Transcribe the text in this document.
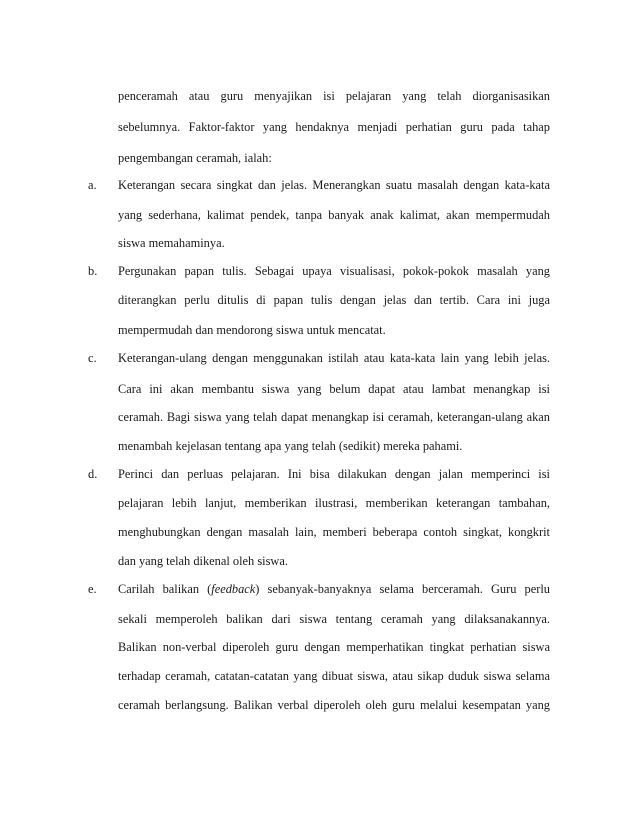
penceramah atau guru menyajikan isi pelajaran yang telah diorganisasikan
sebelumnya. Faktor-faktor yang hendaknya menjadi perhatian guru pada tahap
pengembangan ceramah, ialah:
a. Keterangan secara singkat dan jelas. Menerangkan suatu masalah dengan kata-kata
yang sederhana, kalimat pendek, tanpa banyak anak kalimat, akan mempermudah
siswa memahaminya.
b. Pergunakan papan tulis. Sebagai upaya visualisasi, pokok-pokok masalah yang
diterangkan perlu ditulis di papan tulis dengan jelas dan tertib. Cara ini juga
mempermudah dan mendorong siswa untuk mencatat.
c. Keterangan-ulang dengan menggunakan istilah atau kata-kata lain yang lebih jelas.
Cara ini akan membantu siswa yang belum dapat atau lambat menangkap isi
ceramah. Bagi siswa yang telah dapat menangkap isi ceramah, keterangan-ulang akan
menambah kejelasan tentang apa yang telah (sedikit) mereka pahami.
d. Perinci dan perluas pelajaran. Ini bisa dilakukan dengan jalan memperinci isi
pelajaran lebih lanjut, memberikan ilustrasi, memberikan keterangan tambahan,
menghubungkan dengan masalah lain, memberi beberapa contoh singkat, kongkrit
dan yang telah dikenal oleh siswa.
e. Carilah balikan (feedback) sebanyak-banyaknya selama berceramah. Guru perlu
sekali memperoleh balikan dari siswa tentang ceramah yang dilaksanakannya.
Balikan non-verbal diperoleh guru dengan memperhatikan tingkat perhatian siswa
terhadap ceramah, catatan-catatan yang dibuat siswa, atau sikap duduk siswa selama
ceramah berlangsung. Balikan verbal diperoleh oleh guru melalui kesempatan yang
